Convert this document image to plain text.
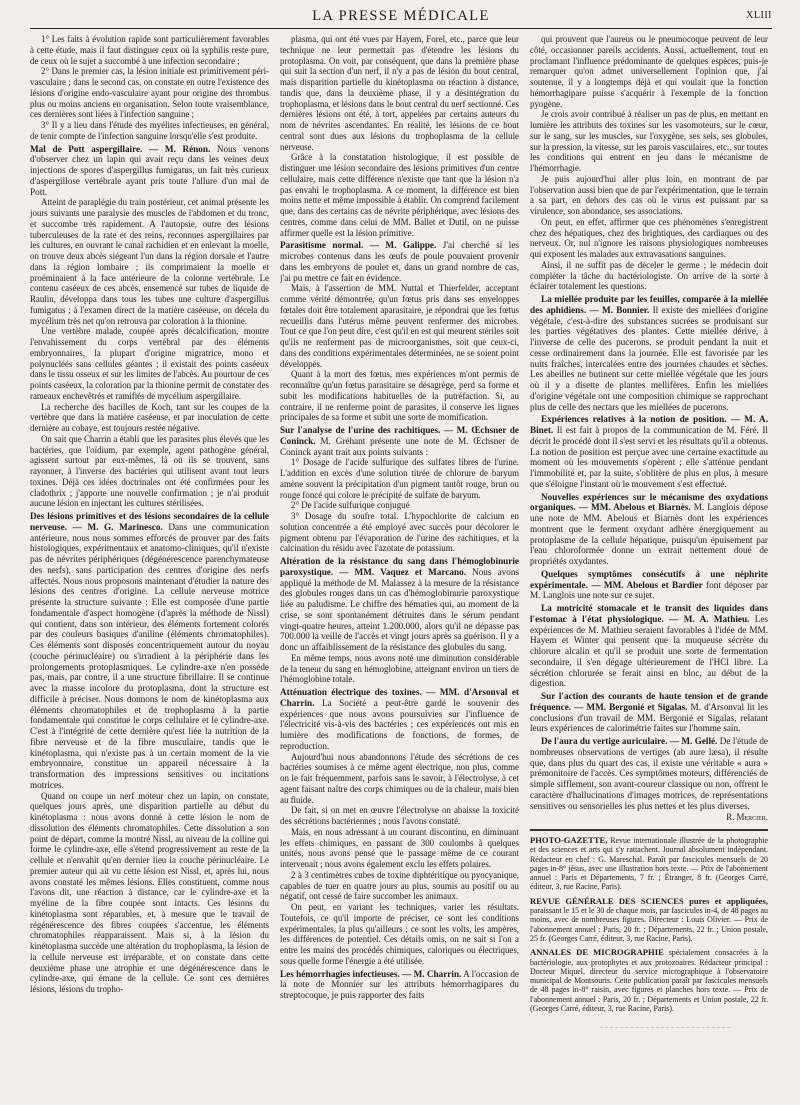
LA PRESSE MÉDICALE	XLIII

1° Les faits à évolution rapide sont particulièrement favorables à cette étude, mais il faut distinguer ceux où la syphilis reste pure, de ceux où le sujet a succombé à une infection secondaire ;

2° Dans le premier cas, la lésion initiale est primitivement péri-vasculaire ; dans le second cas, on constate en outre l'existence des lésions d'origine endo-vasculaire ayant pour origine des thrombus plus ou moins anciens en organisation. Selon toute vraisemblance, ces dernières sont liées à l'infection sanguine ;

3° Il y a lieu dans l'étude des myélites infectieuses, en général, de tenir compte de l'infection sanguine lorsqu'elle s'est produite.

Mal de Pott aspergillaire. — M. Rénon. Nous venons d'observer chez un lapin qui avait reçu dans les veines deux injections de spores d'aspergillus fumigatus, un fait très curieux d'aspergillose vertébrale ayant pris toute l'allure d'un mal de Pott.

Atteint de paraplégie du train postérieur, cet animal présente les jours suivants une paralysie des muscles de l'abdomen et du tronc, et succombe très rapidement. A l'autopsie, outre des lésions tuberculeuses de la rate et des reins, reconnues aspergillaires par les cultures, en ouvrant le canal rachidien et en enlevant la moelle, on trouve deux abcès siégeant l'un dans la région dorsale et l'autre dans la région lombaire ; ils comprimaient la moelle et proéminaient à la face antérieure de la colonne vertébrale. Le contenu caséeux de ces abcès, ensemencé sur tubes de liquide de Raulin, développa dans tous les tubes une culture d'aspergillus fumigatus ; à l'examen direct de la matière caséeuse, on décela du mycélium très net qu'on retrouva par coloration à la thionine.

Une vertèbre malade, coupée après décalcification, montre l'envahissement du corps vertébral par des éléments embryonnaires, la plupart d'origine migratrice, mono et polynucléés sans cellules géantes ; il existait des points caséeux dans le tissu osseux et sur les limites de l'abcès. Au pourtour de ces points caséeux, la coloration par la thionine permit de constater des rameaux enchevêtrés et ramifiés de mycélium aspergillaire.

La recherche des bacilles de Koch, tant sur les coupes de la vertèbre que dans la matière caséeuse, et par inoculation de cette dernière au cobaye, est toujours restée négative.

On sait que Charrin a établi que les parasites plus élevés que les bactéries, que l'oïdium, par exemple, agent pathogène général, agissent surtout par eux-mêmes, là où ils se trouvent, sans rayonner, à l'inverse des bactéries qui utilisent avant tout leurs toxines. Déjà ces idées doctrinales ont été confirmées pour les cladothrix ; j'apporte une nouvelle confirmation ; je n'ai produit aucune lésion en injectant les cultures stérilisées.

Des lésions primitives et des lésions secondaires de la cellule nerveuse. — M. G. Marinesco. Dans une communication antérieure, nous nous sommes efforcés de prouver par des faits histologiques, expérimentaux et anatomo-cliniques, qu'il n'existe pas de névrites périphériques (dégénérescence parenchymateuse des nerfs), sans participation des centres d'origine des nerfs affectés. Nous nous proposons maintenant d'étudier la nature des lésions des centres d'origine. La cellule nerveuse motrice présente la structure suivante : Elle est composée d'une partie fondamentale d'aspect homogène (d'après la méthode de Nissl) qui contient, dans son intérieur, des éléments fortement colorés par des couleurs basiques d'aniline (éléments chromatophiles). Ces éléments sont disposés concentriquement autour du noyau (couche périnucléaire) ou s'irradient à la périphérie dans les prolongements protoplasmiques. Le cylindre-axe n'en possède pas, mais, par contre, il a une structure fibrillaire. Il se continue avec la masse incolore du protoplasma, dont la structure est difficile à préciser. Nous donnons le nom de kinétoplasma aux éléments chromatophiles et de trophoplasma à la partie fondamentale qui constitue le corps cellulaire et le cylindre-axe. C'est à l'intégrité de cette dernière qu'est liée la nutrition de la fibre nerveuse et de la fibre musculaire, tandis que le kinétoplasma, qui n'existe pas à un certain moment de la vie embryonnaire, constitue un appareil nécessaire à la transformation des impressions sensitives ou incitations motrices.

Quand on coupe un nerf moteur chez un lapin, on constate, quelques jours après, une disparition partielle au début du kinétoplasma : nous avons donné à cette lésion le nom de dissolution des éléments chromatophiles. Cette dissolution a son point de départ, comme la montré Nissl, au niveau de la colline qui forme le cylindre-axe, elle s'étend progressivement au reste de la cellule et n'envahit qu'en dernier lieu la couche périnucléaire. Le premier auteur qui ait vu cette lésion est Nissl, et, après lui, nous avons constaté les mêmes lésions. Elles constituent, comme nous l'avons dit, une réaction à distance, car le cylindre-axe et la myéline de la fibre coupée sont intacts. Ces lésions du kinétoplasma sont réparables, et, à mesure que le travail de régénérescence des fibres coupées s'accentue, les éléments chromatophiles réapparaissent. Mais si, à la lésion du kinétoplasma succède une altération du trophoplasma, la lésion de la cellule nerveuse est irréparable, et on constate dans cette deuxième phase une atrophie et une dégénérescence dans le cylindre-axe, qui émane de la cellule. Ce sont ces dernières lésions, lésions du tropho-

plasma, qui ont été vues par Hayem, Forel, etc., parce que leur technique ne leur permettait pas d'étendre les lésions du protoplasma. On voit, par conséquent, que dans la première phase qui suit la section d'un nerf, il n'y a pas de lésion du bout central, mais disparition partielle du kinétoplasma ou réaction à distance, tandis que, dans la deuxième phase, il y a désintégration du trophoplasma, et lésions dans le bout central du nerf sectionné. Ces dernières lésions ont été, à tort, appelées par certains auteurs du nom de névrites ascendantes. En réalité, les lésions de ce bout central sont dues aux lésions du trophoplasma de la cellule nerveuse.

Grâce à la constatation histologique, il est possible de distinguer une lésion secondaire des lésions primitives d'un centre cellulaire, mais cette différence n'existe que tant que la lésion n'a pas envahi le trophoplasma. A ce moment, la différence est bien moins nette et même impossible à établir. On comprend facilement que, dans des certains cas de névrite périphérique, avec lésions des centres, comme dans celui de MM. Ballet et Dutil, on ne puisse affirmer quelle est la lésion primitive.

Parasitisme normal. — M. Galippe. J'ai cherché si les microbes contenus dans les œufs de poule pouvaient provenir dans les embryons de poulet et, dans un grand nombre de cas, j'ai pu mettre ce fait en évidence.

Mais, à l'assertion de MM. Nuttal et Thierfelder, acceptant comme vérité démontrée, qu'un fœtus pris dans ses enveloppes fœtales doit être totalement aparasitaire, je répondrai que les fœtus recueillis dans l'utérus même peuvent renfermer des microbes. Tout ce que l'on peut dire, c'est qu'il en est qui meurent stériles soit qu'ils ne renferment pas de microorganismes, soit que ceux-ci, dans des conditions expérimentales déterminées, ne se soient point développés.

Quant à la mort des fœtus, mes expériences m'ont permis de reconnaître qu'un fœtus parasitaire se désagrège, perd sa forme et subit les modifications habituelles de la putréfaction. Si, au contraire, il ne renferme point de parasites, il conserve les lignes principales de sa forme et subit une sorte de momification.

Sur l'analyse de l'urine des rachitiques. — M. Œchsner de Coninck. M. Gréhant présente une note de M. Œchsner de Coninck ayant trait aux points suivants :

1° Dosage de l'acide sulfurique des sulfates libres de l'urine. L'addition en excès d'une solution titrée de chlorure de baryum amène souvent la précipitation d'un pigment tantôt rouge, brun ou rouge foncé qui colore le précipité de sulfate de baryum.

2° De l'acide sulfurique conjugué

3° Dosage du soufre total. L'hypochlorite de calcium en solution concentrée a été employé avec succès pour décolorer le pigment obtenu par l'évaporation de l'urine des rachitiques, et la calcination du résidu avec l'azotate de potassium.

Altération de la résistance du sang dans l'hémoglobinurie paroxystique. — MM. Vaquez et Marcano. Nous avons appliqué la méthode de M. Malassez à la mesure de la résistance des globules rouges dans un cas d'hémoglobinurie paroxystique liée au paludisme. Le chiffre des hématies qui, au moment de la crise, se sont spontanément détruites dans le sérum pendant vingt-quatre heures, atteint 1.200.000, alors qu'il ne dépasse pas 700.000 la veille de l'accès et vingt jours après sa guérison. Il y a donc un affaiblissement de la résistance des globules du sang.

En même temps, nous avons noté une diminution considérable de la teneur du sang en hémoglobine, atteignant environ un tiers de l'hémoglobine totale.

Atténuation électrique des toxines. — MM. d'Arsonval et Charrin. La Société a peut-être gardé le souvenir des expériences que nous avons poursuivies sur l'influence de l'électricité vis-à-vis des bactéries ; ces expériences ont mis en lumière des modifications de fonctions, de formes, de reproduction.

Aujourd'hui nous abandonnons l'étude des sécrétions de ces bactéries soumises à ce même agent électrique, non plus, comme on le fait fréquemment, parfois sans le savoir, à l'électrolyse, à cet agent faisant naître des corps chimiques ou de la chaleur, mais bien au fluide.

De fait, si on met en œuvre l'électrolyse on abaisse la toxicité des sécrétions bactériennes ; nous l'avons constaté.

Mais, en nous adressant à un courant discontinu, en diminuant les effets chimiques, en passant de 300 coulombs à quelques unités, nous avons pensé que le passage même de ce courant intervenait ; nous avons également exclu les effets polaires.

2 à 3 centimètres cubes de toxine diphtéritique ou pyocyanique, capables de tuer en quatre jours au plus, soumis au positif ou au négatif, ont cessé de faire succomber les animaux.

On peut, en variant les techniques, varier les résultats. Toutefois, ce qu'il importe de préciser, ce sont les conditions expérimentales, la plus qu'ailleurs ; ce sont les volts, les ampères, les différences de potentiel. Ces détails omis, on ne sait si l'on a entre les mains des procédés chimiques, caloriques ou électriques, sous quelle forme l'énergie a été utilisée.

Les hémorrhagies infectieuses. — M. Charrin. A l'occasion de la note de Monnier sur les attributs hémorrhagipares du streptocoque, je puis rapporter des faits

qui prouvent que l'aureus ou le pneumocoque peuvent de leur côté, occasionner pareils accidents. Aussi, actuellement, tout en proclamant l'influence prédominante de quelques espèces, puis-je remarquer qu'on admet universellement l'opinion que, j'ai soutenue, il y a longtemps déjà et qui voulait que la fonction hémorrhagipare puisse s'acquérir à l'exemple de la fonction pyogène.

Je crois avoir contribué à réaliser un pas de plus, en mettant en lumière les attributs des toxines sur les vasomoteurs, sur le cœur, sur le sang, sur les muscles, sur l'oxygène, ses sels, ses globules, sur la pression, la vitesse, sur les parois vasculaires, etc., sur toutes les conditions qui entrent en jeu dans le mécanisme de l'hémorrhagie.

Je puis aujourd'hui aller plus loin, en montrant de par l'observation aussi bien que de par l'expérimentation, que le terrain a sa part, en dehors des cas où le virus est puissant par sa virulence, son abondance, ses associations.

On peut, en effet, affirmer que ces phénomènes s'enregistrent chez des hépatiques, chez des brightiques, des cardiaques ou des nerveux. Or, nul n'ignore les raisons physiologiques nombreuses qui exposent les malades aux extravasations sanguines.

Ainsi, il ne suffit pas de déceler le germe ; le médecin doit compléter la tâche du bactériologiste. On arrive de la sorte à éclairer totalement les questions.

La miellée produite par les feuilles, comparée à la miellée des aphidiens. — M. Bonnier. Il existe des miellées d'origine végétale, c'est-à-dire des substances sucrées se produisant sur les parties végétatives des plantes. Cette miellée dérive, à l'inverse de celle des pucerons, se produit pendant la nuit et cesse ordinairement dans la journée. Elle est favorisée par les nuits fraîches, intercalées entre des journées chaudes et sèches. Les abeilles ne butinent sur cette miellée végétale que les jours où il y a disette de plantes mellifères. Enfin les miellées d'origine végétale ont une composition chimique se rapprochant plus de celle des nectars que les miellées de pucerons.
Expériences relatives à la notion de position. — M. A. Binet. Il est fait à propos de la communication de M. Féré. Il décrit le procédé dont il s'est servi et les résultats qu'il a obtenus. La notion de position est perçue avec une certaine exactitude au moment où les mouvements s'opèrent ; elle s'atténue pendant l'immobilité et, par la suite, s'oblitère de plus en plus, à mesure que s'éloigne l'instant où le mouvement s'est effectué.
Nouvelles expériences sur le mécanisme des oxydations organiques. — MM. Abelous et Biarnès. M. Langlois dépose une note de MM. Abelous et Biarnès dont les expériences montrent que le ferment oxydant adhère énergiquement au protoplasme de la cellule hépatique, puisqu'un épuisement par l'eau chloroformée donne un extrait nettement doué de propriétés oxydantes.
Quelques symptômes consécutifs à une néphrite expérimentale. — MM. Abelous et Bardier font déposer par M. Langlois une note sur ce sujet.
La motricité stomacale et le transit des liquides dans l'estomac à l'état physiologique. — M. A. Mathieu. Les expériences de M. Mathieu seraient favorables à l'idée de MM. Hayem et Winter qui pensent que la muqueuse sécrète du chlorure alcalin et qu'il se produit une sorte de fermentation secondaire, il s'en dégage ultérieurement de l'HCl libre. La sécrétion chlorurée se ferait ainsi en bloc, au début de la digestion.
Sur l'action des courants de haute tension et de grande fréquence. — MM. Bergonié et Sigalas. M. d'Arsonval lit les conclusions d'un travail de MM. Bergonié et Sigalas, relatant leurs expériences de calorimétrie faites sur l'homme sain.
De l'aura du vertige auriculaire. — M. Gellé. De l'étude de nombreuses observations de vertiges (ab aure læsa), il résulte que, dans plus du quart des cas, il existe une véritable « aura » prémonitoire de l'accès. Ces symptômes moteurs, différenciés de simple sifflement, son avant-coureur classique ou non, offrent le caractère d'hallucinations d'images motrices, de représentations sensitives ou sensorielles les plus nettes et les plus diverses.

R. Mercier.

PHOTO-GAZETTE, Revue internationale illustrée de la photographie et des sciences et arts qui s'y rattachent. Journal absolument indépendant. Rédacteur en chef : G. Mareschal. Paraît par fascicules mensuels de 20 pages in-8° jésus, avec une illustration hors texte. — Prix de l'abonnement annuel : Paris et Départements, 7 fr. ; Étranger, 8 fr. (Georges Carré, éditeur, 3, rue Racine, Paris).

REVUE GÉNÉRALE DES SCIENCES pures et appliquées, paraissant le 15 et le 30 de chaque mois, par fascicules in-4, de 48 pages au moins, avec de nombreuses figures. Directeur : Louis Olivier. — Prix de l'abonnement annuel : Paris, 20 fr. ; Départements, 22 fr. ; Union postale, 25 fr. (Georges Carré, éditeur, 3, rue Racine, Paris).

ANNALES DE MICROGRAPHIE spécialement consacrées à la bactériologie, aux protophytes et aux protozoaires. Rédacteur principal : Docteur Miquel, directeur du service micrographique à l'observatoire municipal de Montsouris. Cette publication paraît par fascicules mensuels de 48 pages in-8° raisin, avec figures et planches hors texte. — Prix de l'abonnement annuel : Paris, 20 fr. ; Départements et Union postale, 22 fr. (Georges Carré, éditeur, 3, rue Racine, Paris).
